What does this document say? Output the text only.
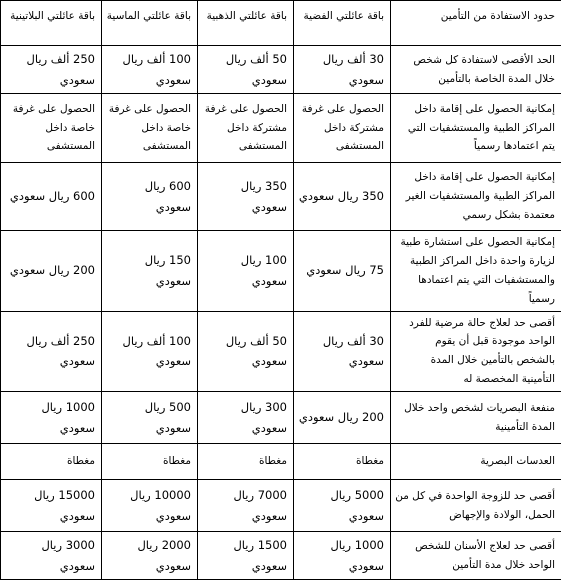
حدود الاستفادة من التأمين	باقة عائلتي الفضية	باقة عائلتي الذهبية	باقة عائلتي الماسية	باقة عائلتي البلاتينية
الحد الأقصى لاستفادة كل شخص خلال المدة الخاصة بالتأمين	30 ألف ريال سعودي	50 ألف ريال سعودي	100 ألف ريال سعودي	250 ألف ريال سعودي
إمكانية الحصول على إقامة داخل المراكز الطبية والمستشفيات التي يتم اعتمادها رسمياً	الحصول على غرفة مشتركة داخل المستشفى	الحصول على غرفة مشتركة داخل المستشفى	الحصول على غرفة خاصة داخل المستشفى	الحصول على غرفة خاصة داخل المستشفى
إمكانية الحصول على إقامة داخل المراكز الطبية والمستشفيات الغير معتمدة بشكل رسمي	350 ريال سعودي	350 ريال سعودي	600 ريال سعودي	600 ريال سعودي
إمكانية الحصول على استشارة طبية لزيارة واحدة داخل المراكز الطبية والمستشفيات التي يتم اعتمادها رسمياً	75 ريال سعودي	100 ريال سعودي	150 ريال سعودي	200 ريال سعودي
أقصى حد لعلاج حالة مرضية للفرد الواحد موجودة قبل أن يقوم بالشخص بالتأمين خلال المدة التأمينية المخصصة له	30 ألف ريال سعودي	50 ألف ريال سعودي	100 ألف ريال سعودي	250 ألف ريال سعودي
منفعة البصريات لشخص واحد خلال المدة التأمينية	200 ريال سعودي	300 ريال سعودي	500 ريال سعودي	1000 ريال سعودي
العدسات البصرية	مغطاة	مغطاة	مغطاة	مغطاة
أقصى حد للزوجة الواحدة في كل من الحمل، الولادة والإجهاض	5000 ريال سعودي	7000 ريال سعودي	10000 ريال سعودي	15000 ريال سعودي
أقصى حد لعلاج الأسنان للشخص الواحد خلال مدة التأمين	1000 ريال سعودي	1500 ريال سعودي	2000 ريال سعودي	3000 ريال سعودي
